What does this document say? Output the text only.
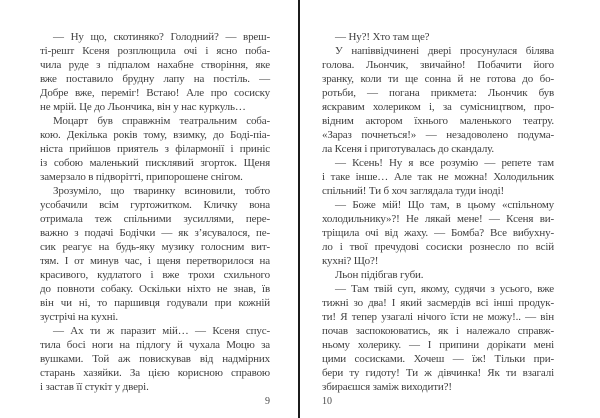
— Ну що, скотиняко? Голодний? — вреш-
ті-решт Ксеня розплющила очі і ясно поба-
чила руде з підпалом нахабне створіння, яке
вже поставило брудну лапу на постіль. —
Добре вже, переміг! Встаю! Але про сосиску
не мрій. Це до Льончика, він у нас куркуль…

Моцарт був справжнім театральним соба-
кою. Декілька років тому, взимку, до Боді-піа-
ніста прийшов приятель з філармонії і приніс
із собою маленький писклявий згорток. Щеня
замерзало в підворітті, припорошене снігом.

Зрозуміло, що тваринку всиновили, тобто
усобачили всім гуртожитком. Кличку вона
отримала теж спільними зусиллями, пере-
важно з подачі Бодічки — як з’ясувалося, пе-
сик реагує на будь-яку музику голосним вит-
тям. І от минув час, і щеня перетворилося на
красивого, кудлатого і вже трохи схильного
до повноти собаку. Оскільки ніхто не знав, їв
він чи ні, то паршивця годували при кожній
зустрічі на кухні.

— Ах ти ж паразит мій… — Ксеня спус-
тила босі ноги на підлогу й чухала Моцю за
вушками. Той аж повискував від надмірних
старань хазяйки. За цією корисною справою
і застав її стукіт у двері.

9

— Ну?! Хто там ще?

У напіввідчинені двері просунулася білява
голова. Льончик, звичайно! Побачити його
зранку, коли ти ще сонна й не готова до бо-
ротьби, — погана прикмета: Льончик був
яскравим холериком і, за сумісництвом, про-
відним актором їхнього маленького театру.
«Зараз почнеться!» — незадоволено подума-
ла Ксеня і приготувалась до скандалу.

— Ксень! Ну я все розумію — репете там
і таке інше… Але так не можна! Холодильник
спільний! Ти б хоч заглядала туди іноді!

— Боже мій! Що там, в цьому «спільному
холодильнику»?! Не лякай мене! — Ксеня ви-
тріщила очі від жаху. — Бомба? Все вибухну-
ло і твої пречудові сосиски рознесло по всій
кухні? Що?!

Льон підібгав губи.

— Там твій суп, якому, судячи з усього, вже
тижні зо два! І який засмердів всі інші продук-
ти! Я тепер узагалі нічого їсти не можу!.. — він
почав заспокоюватись, як і належало справж-
ньому холерику. — І припини дорікати мені
цими сосисками. Хочеш — їж! Тільки при-
бери ту гидоту! Ти ж дівчинка! Як ти взагалі
збираєшся заміж виходити?!

10
